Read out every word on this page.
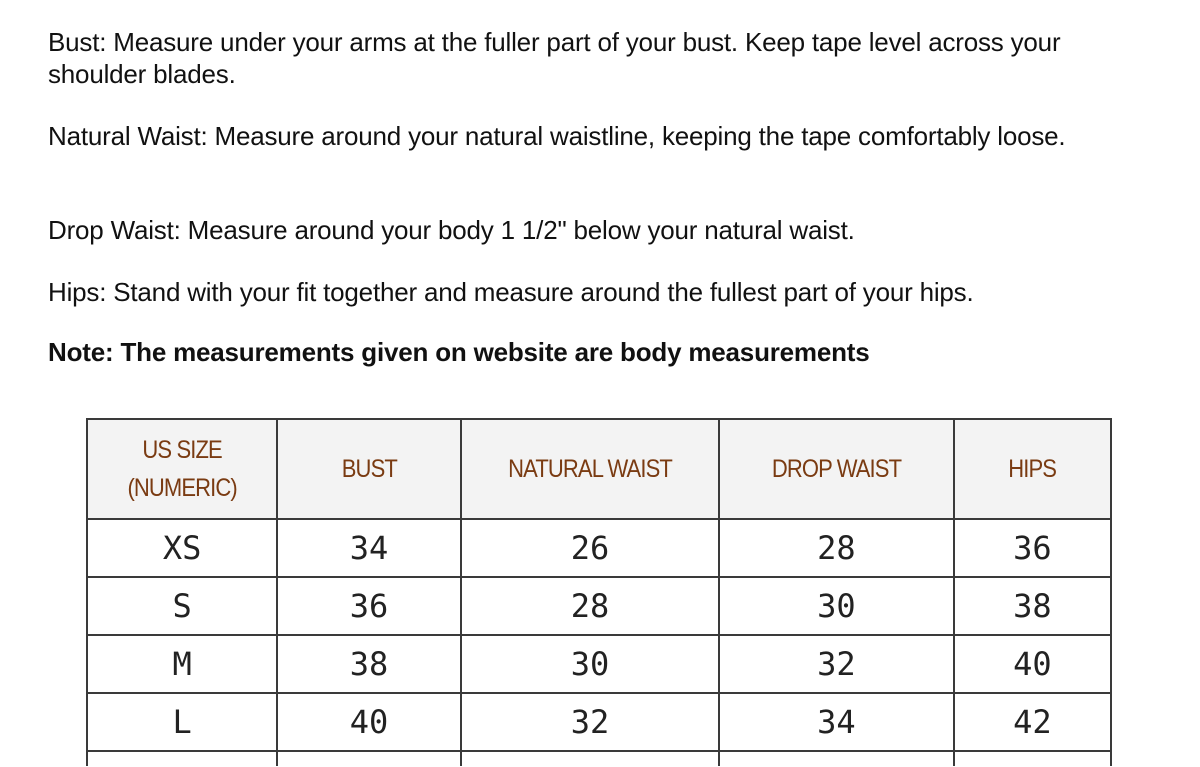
Bust: Measure under your arms at the fuller part of your bust. Keep tape level across your shoulder blades.

Natural Waist: Measure around your natural waistline, keeping the tape comfortably loose.

Drop Waist: Measure around your body 1 1/2" below your natural waist.

Hips: Stand with your fit together and measure around the fullest part of your hips.

Note: The measurements given on website are body measurements

US SIZE
(NUMERIC)	BUST	NATURAL WAIST	DROP WAIST	HIPS
XS	34	26	28	36
S	36	28	30	38
M	38	30	32	40
L	40	32	34	42
